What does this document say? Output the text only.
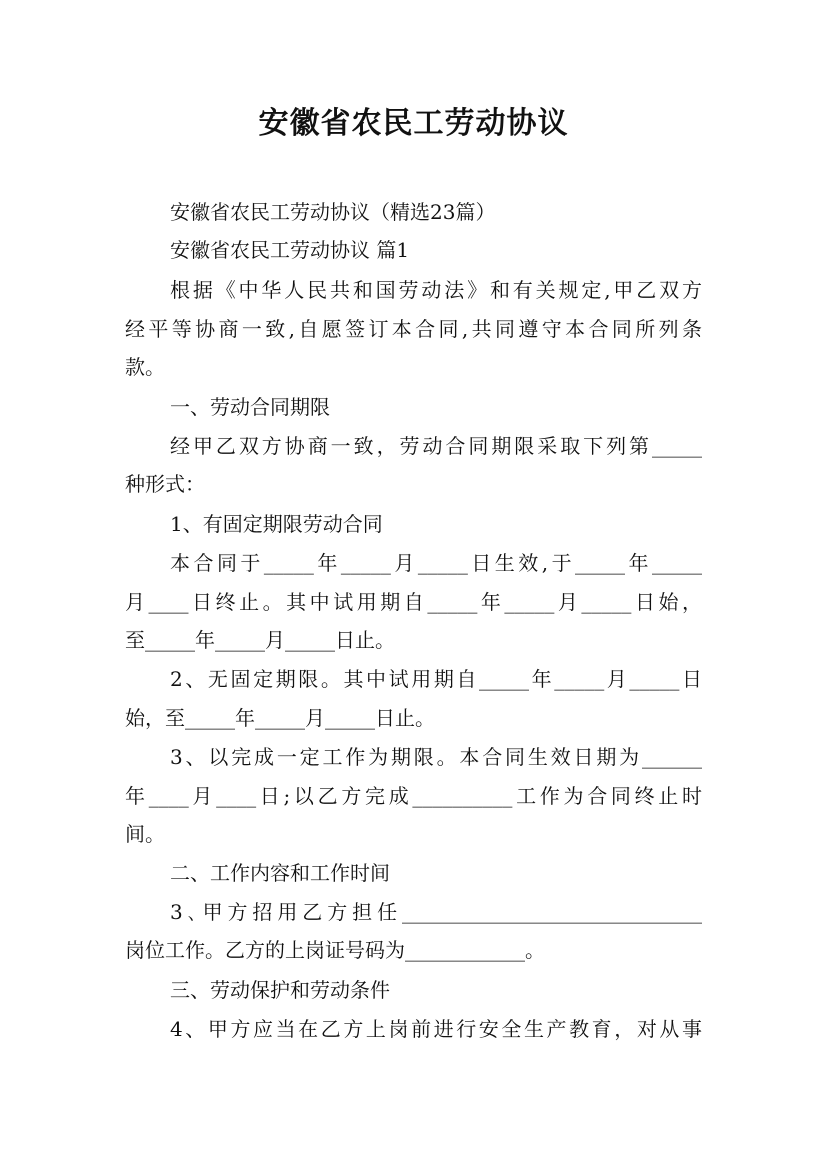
安徽省农民工劳动协议
安徽省农民工劳动协议（精选23篇）
安徽省农民工劳动协议 篇1
根据《中华人民共和国劳动法》和有关规定,甲乙双方
经平等协商一致,自愿签订本合同,共同遵守本合同所列条
款。
一、劳动合同期限
经甲乙双方协商一致，劳动合同期限采取下列第_____
种形式：
1、有固定期限劳动合同
本合同于_____年_____月_____日生效,于_____年_____
月____日终止。其中试用期自_____年_____月_____日始，
至_____年_____月_____日止。
2、无固定期限。其中试用期自_____年_____月_____日
始，至_____年_____月_____日止。
3、以完成一定工作为期限。本合同生效日期为______
年____月____日;以乙方完成__________工作为合同终止时
间。
二、工作内容和工作时间
3､甲方招用乙方担任______________________________
岗位工作。乙方的上岗证号码为____________。
三、劳动保护和劳动条件
4、甲方应当在乙方上岗前进行安全生产教育，对从事
